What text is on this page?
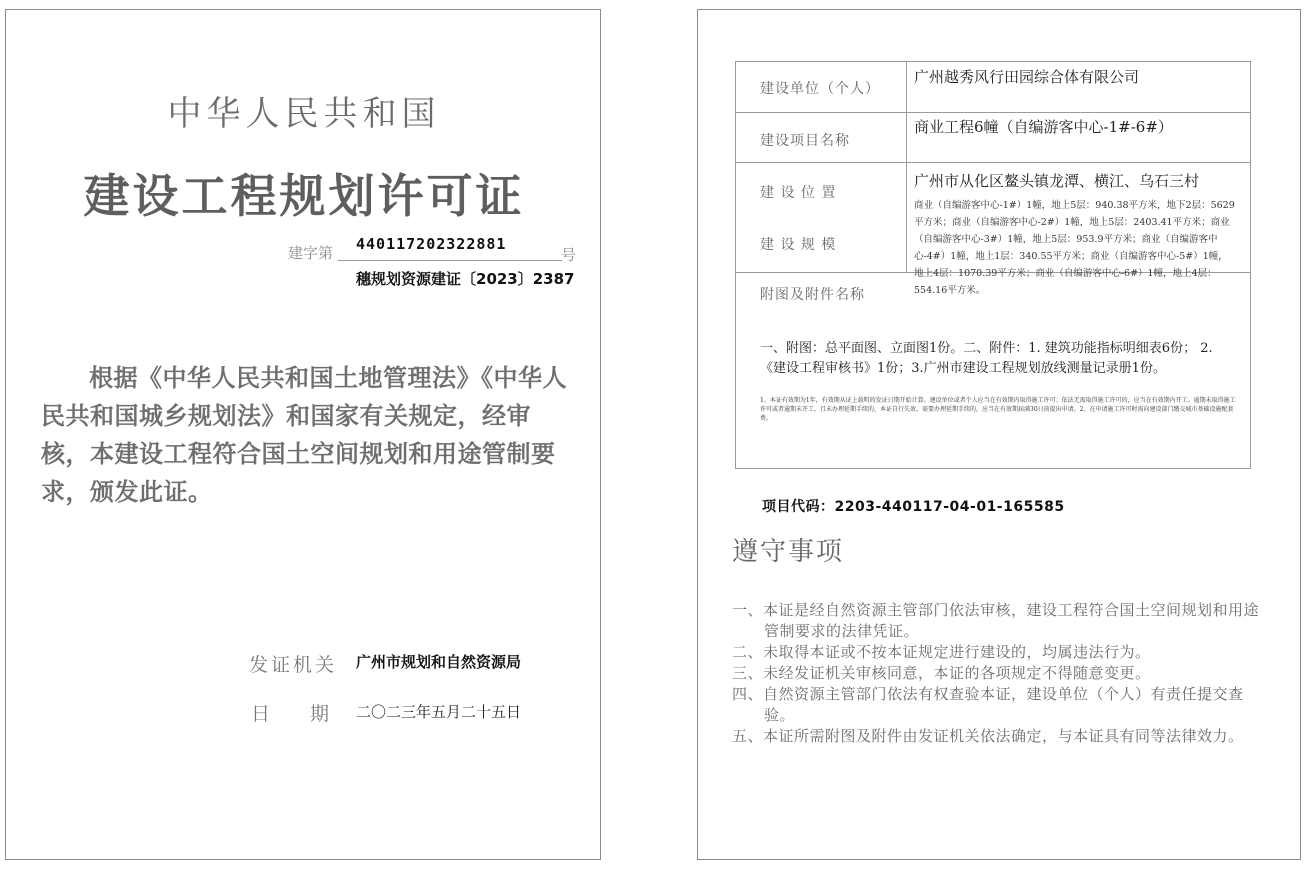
中华人民共和国
建设工程规划许可证
建字第 440117202322881
号
穗规划资源建证〔2023〕2387
根据《中华人民共和国土地管理法》《中华人民共和国城乡规划法》和国家有关规定，经审核，本建设工程符合国土空间规划和用途管制要求，颁发此证。
发证机关 广州市规划和自然资源局
日 期 二〇二三年五月二十五日
建设单位（个人）
广州越秀风行田园综合体有限公司
建设项目名称
商业工程6幢（自编游客中心-1#-6#）
建 设 位 置
广州市从化区鳌头镇龙潭、横江、乌石三村
建 设 规 模
商业（自编游客中心-1#）1幢，地上5层：940.38平方米，地下2层：5629平方米；商业（自编游客中心-2#）1幢，地上5层：2403.41平方米；商业（自编游客中心-3#）1幢，地上5层：953.9平方米；商业（自编游客中心-4#）1幢，地上1层：340.55平方米；商业（自编游客中心-5#）1幢，地上4层：1070.39平方米；商业（自编游客中心-6#）1幢，地上4层：554.16平方米。
附图及附件名称
一、附图：总平面图、立面图1份。二、附件：1. 建筑功能指标明细表6份； 2.《建设工程审核书》1份；3.广州市建设工程规划放线测量记录册1份。
1、本证有效期为1年，有效期从证上载明的发证日期开始计算。建设单位或者个人应当在有效期内取得施工许可；依法无需取得施工许可的，应当在有效期内开工。逾期未取得施工许可或者逾期未开工，且未办理延期手续的，本证自行失效。需要办理延期手续的，应当在有效期届满30日前提出申请。2、在申请施工许可时需向建设部门缴交城市基础设施配套费。
项目代码：2203-440117-04-01-165585
遵守事项
一、本证是经自然资源主管部门依法审核，建设工程符合国土空间规划和用途管制要求的法律凭证。
二、未取得本证或不按本证规定进行建设的，均属违法行为。
三、未经发证机关审核同意，本证的各项规定不得随意变更。
四、自然资源主管部门依法有权查验本证，建设单位（个人）有责任提交查验。
五、本证所需附图及附件由发证机关依法确定，与本证具有同等法律效力。
